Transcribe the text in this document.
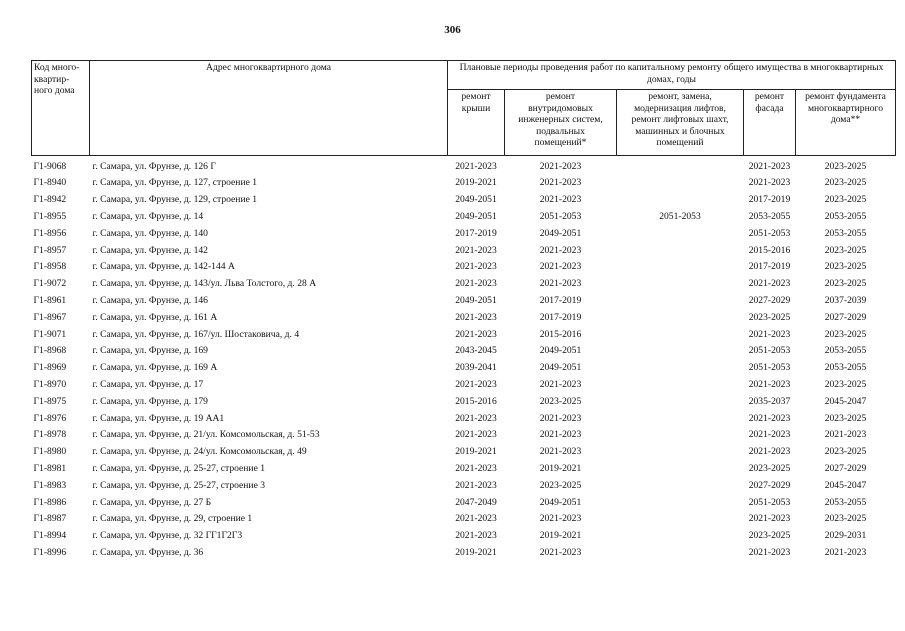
306
Код много-
квартир-
ного дома	Адрес многоквартирного дома	Плановые периоды проведения работ по капитальному ремонту общего имущества в многоквартирных домах, годы				
		ремонт
крыши	ремонт
внутридомовых
инженерных систем,
подвальных
помещений*	ремонт, замена,
модернизация лифтов,
ремонт лифтовых шахт,
машинных и блочных
помещений	ремонт
фасада	ремонт фундамента
многоквартирного
дома**
Г1-9068	г. Самара, ул. Фрунзе, д. 126 Г	2021-2023	2021-2023		2021-2023	2023-2025
Г1-8940	г. Самара, ул. Фрунзе, д. 127, строение 1	2019-2021	2021-2023		2021-2023	2023-2025
Г1-8942	г. Самара, ул. Фрунзе, д. 129, строение 1	2049-2051	2021-2023		2017-2019	2023-2025
Г1-8955	г. Самара, ул. Фрунзе, д. 14	2049-2051	2051-2053	2051-2053	2053-2055	2053-2055
Г1-8956	г. Самара, ул. Фрунзе, д. 140	2017-2019	2049-2051		2051-2053	2053-2055
Г1-8957	г. Самара, ул. Фрунзе, д. 142	2021-2023	2021-2023		2015-2016	2023-2025
Г1-8958	г. Самара, ул. Фрунзе, д. 142-144 А	2021-2023	2021-2023		2017-2019	2023-2025
Г1-9072	г. Самара, ул. Фрунзе, д. 143/ул. Льва Толстого, д. 28 А	2021-2023	2021-2023		2021-2023	2023-2025
Г1-8961	г. Самара, ул. Фрунзе, д. 146	2049-2051	2017-2019		2027-2029	2037-2039
Г1-8967	г. Самара, ул. Фрунзе, д. 161 А	2021-2023	2017-2019		2023-2025	2027-2029
Г1-9071	г. Самара, ул. Фрунзе, д. 167/ул. Шостаковича, д. 4	2021-2023	2015-2016		2021-2023	2023-2025
Г1-8968	г. Самара, ул. Фрунзе, д. 169	2043-2045	2049-2051		2051-2053	2053-2055
Г1-8969	г. Самара, ул. Фрунзе, д. 169 А	2039-2041	2049-2051		2051-2053	2053-2055
Г1-8970	г. Самара, ул. Фрунзе, д. 17	2021-2023	2021-2023		2021-2023	2023-2025
Г1-8975	г. Самара, ул. Фрунзе, д. 179	2015-2016	2023-2025		2035-2037	2045-2047
Г1-8976	г. Самара, ул. Фрунзе, д. 19 АА1	2021-2023	2021-2023		2021-2023	2023-2025
Г1-8978	г. Самара, ул. Фрунзе, д. 21/ул. Комсомольская, д. 51-53	2021-2023	2021-2023		2021-2023	2021-2023
Г1-8980	г. Самара, ул. Фрунзе, д. 24/ул. Комсомольская, д. 49	2019-2021	2021-2023		2021-2023	2023-2025
Г1-8981	г. Самара, ул. Фрунзе, д. 25-27, строение 1	2021-2023	2019-2021		2023-2025	2027-2029
Г1-8983	г. Самара, ул. Фрунзе, д. 25-27, строение 3	2021-2023	2023-2025		2027-2029	2045-2047
Г1-8986	г. Самара, ул. Фрунзе, д. 27 Б	2047-2049	2049-2051		2051-2053	2053-2055
Г1-8987	г. Самара, ул. Фрунзе, д. 29, строение 1	2021-2023	2021-2023		2021-2023	2023-2025
Г1-8994	г. Самара, ул. Фрунзе, д. 32 ГГ1Г2Г3	2021-2023	2019-2021		2023-2025	2029-2031
Г1-8996	г. Самара, ул. Фрунзе, д. 36	2019-2021	2021-2023		2021-2023	2021-2023
